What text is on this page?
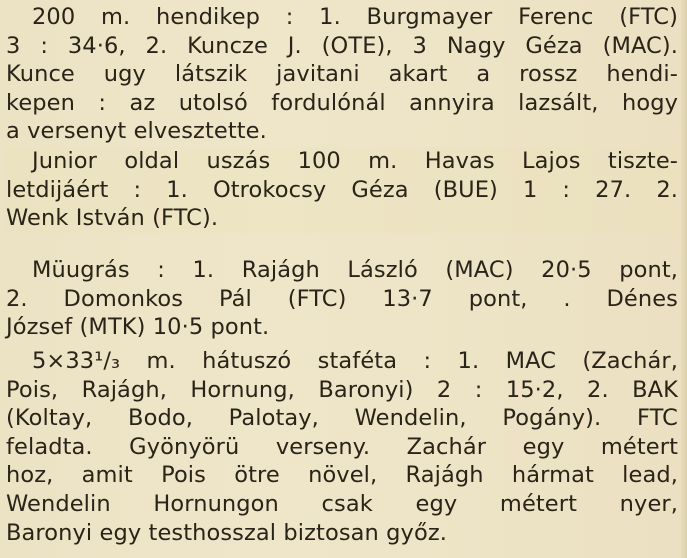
200 m. hendikep : 1. Burgmayer Ferenc (FTC)
3 : 34·6, 2. Kuncze J. (OTE), 3 Nagy Géza (MAC).
Kunce ugy látszik javitani akart a rossz hendi-
kepen : az utolsó fordulónál annyira lazsált, hogy
a versenyt elvesztette.
Junior oldal uszás 100 m. Havas Lajos tiszte-
letdijáért : 1. Otrokocsy Géza (BUE) 1 : 27. 2.
Wenk István (FTC).
Müugrás : 1. Rajágh László (MAC) 20·5 pont,
2. Domonkos Pál (FTC) 13·7 pont, . Dénes
József (MTK) 10·5 pont.
5×33¹/₃ m. hátuszó staféta : 1. MAC (Zachár,
Pois, Rajágh, Hornung, Baronyi) 2 : 15·2, 2. BAK
(Koltay, Bodo, Palotay, Wendelin, Pogány). FTC
feladta. Gyönyörü verseny. Zachár egy métert
hoz, amit Pois ötre növel, Rajágh hármat lead,
Wendelin Hornungon csak egy métert nyer,
Baronyi egy testhosszal biztosan győz.
